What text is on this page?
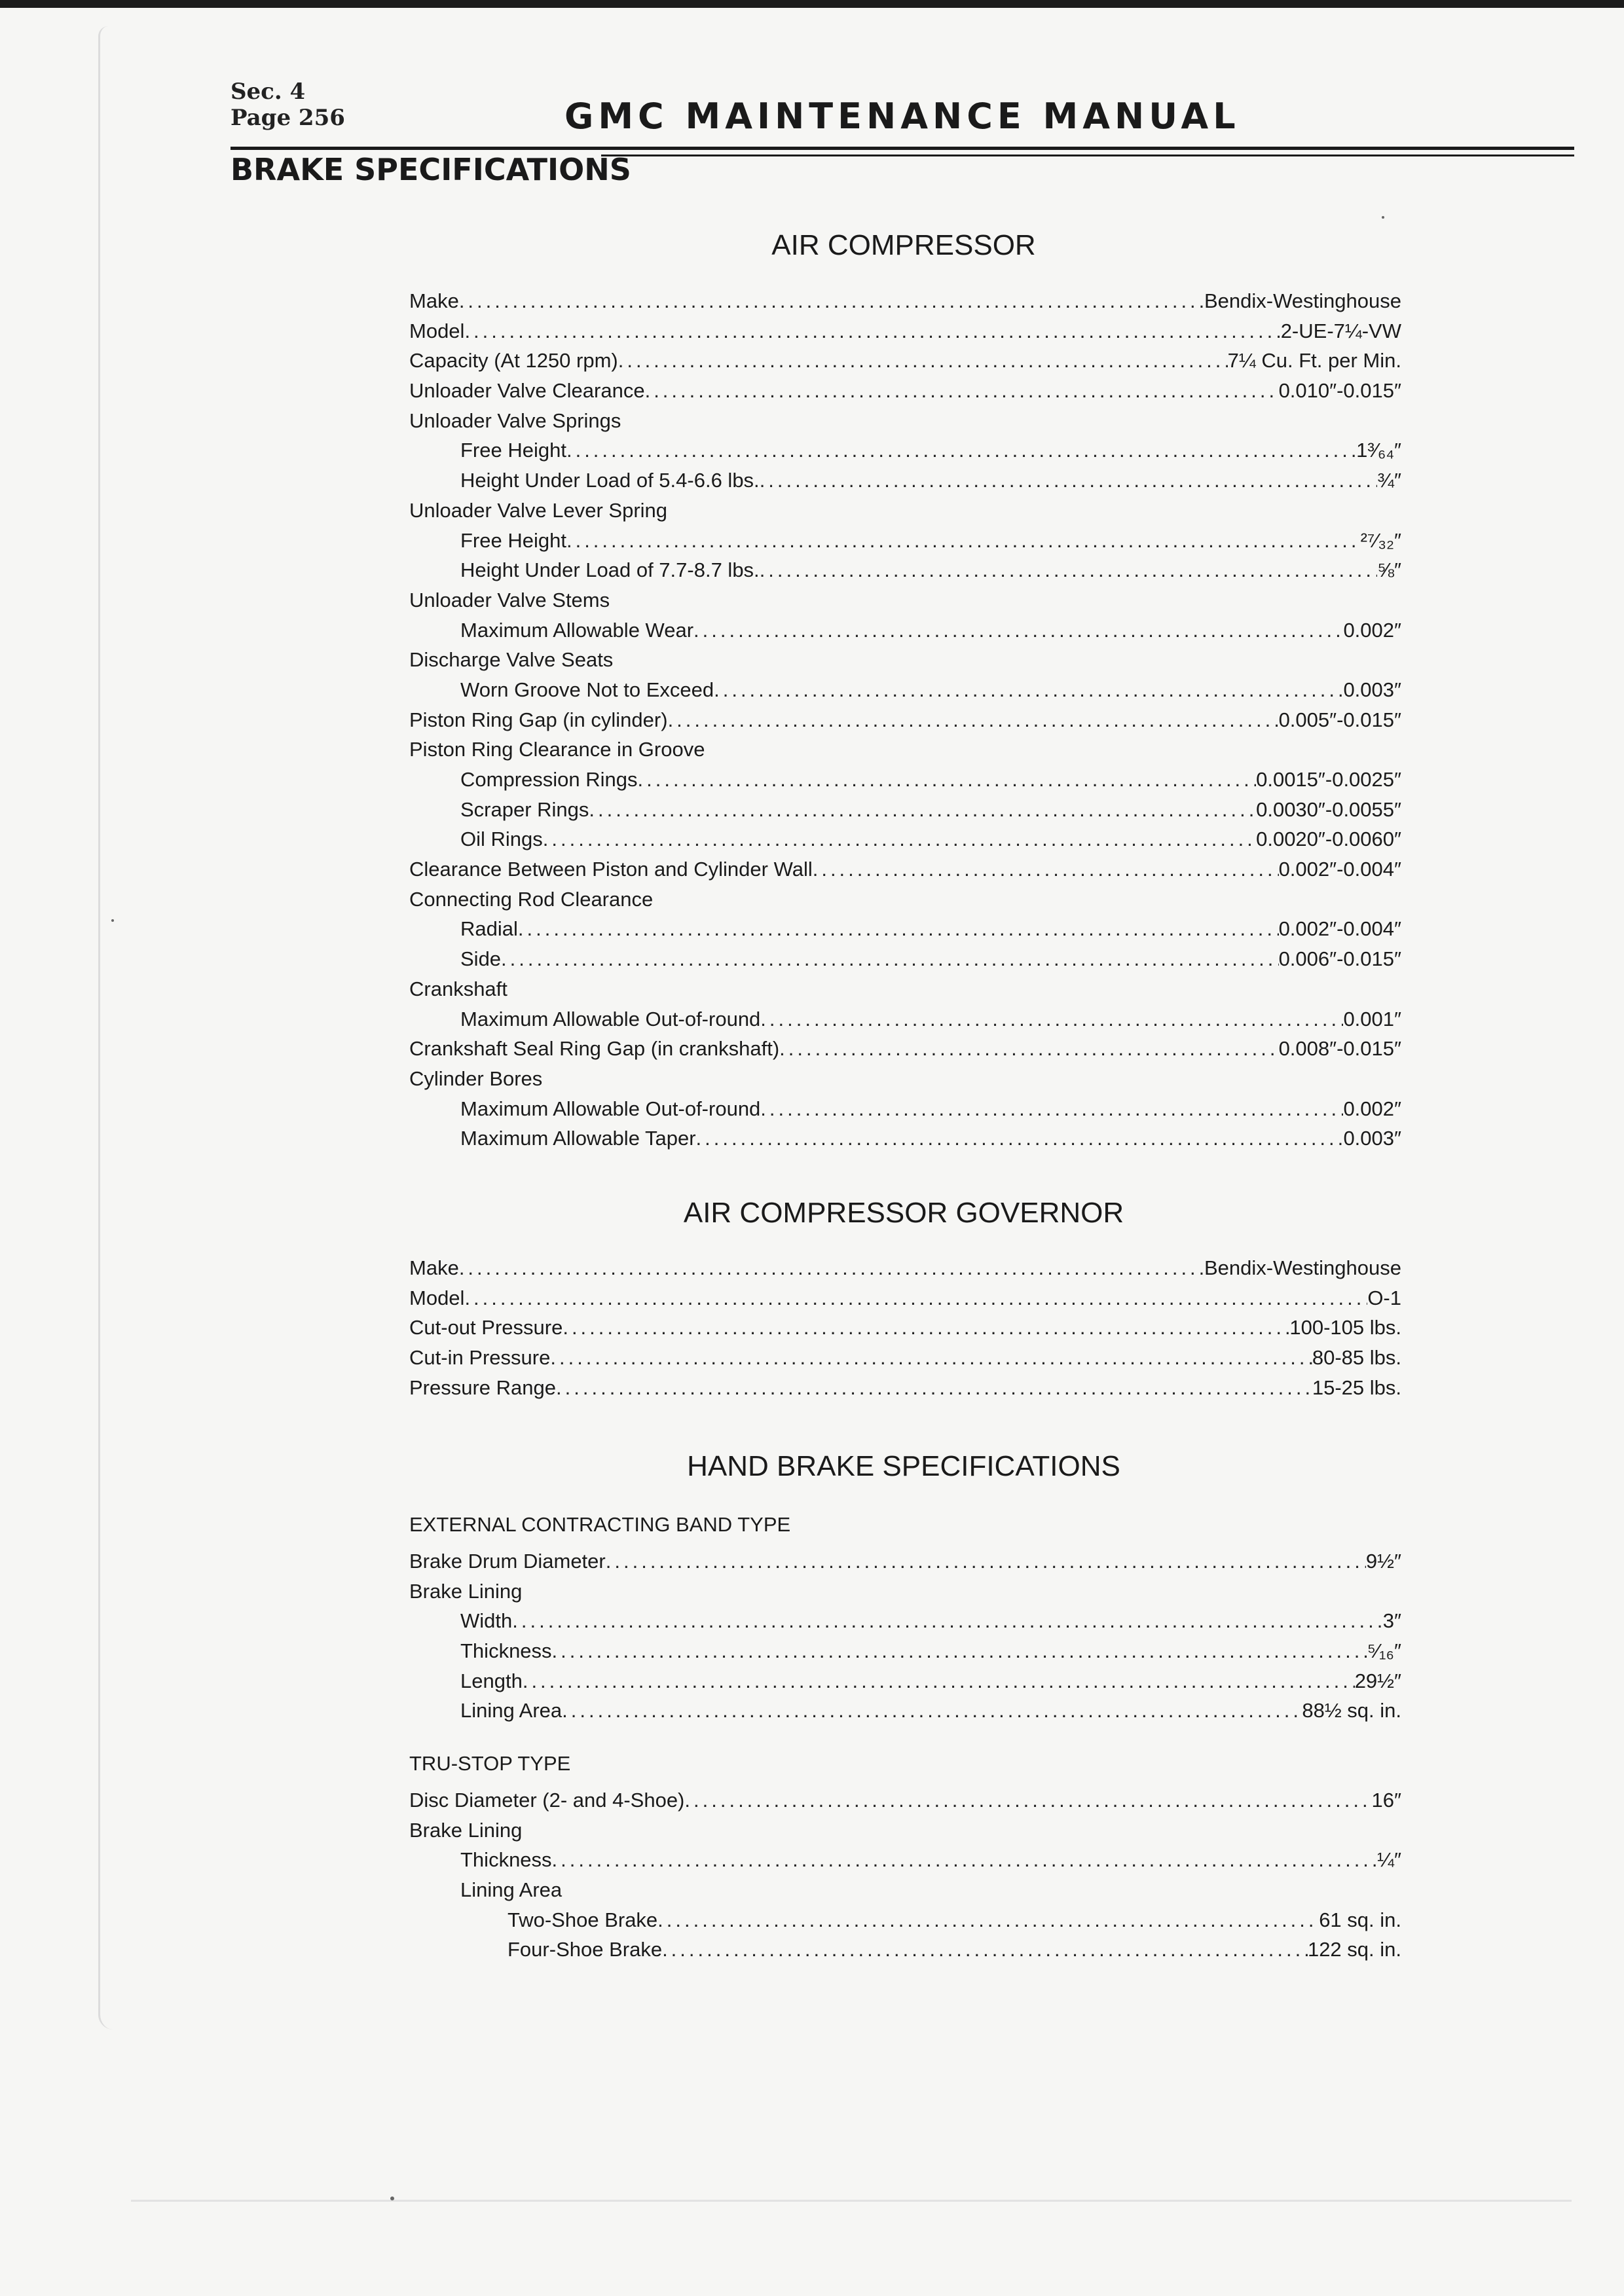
Sec. 4
Page 256	GMC MAINTENANCE MANUAL
BRAKE SPECIFICATIONS
AIR COMPRESSOR
Make .....	Bendix-Westinghouse
Model .....	2-UE-7¼-VW
Capacity (At 1250 rpm) .....	7¼ Cu. Ft. per Min.
Unloader Valve Clearance .....	0.010″-0.015″
Unloader Valve Springs
Free Height .....	1³⁄₆₄″
Height Under Load of 5.4-6.6 lbs. .....	¾″
Unloader Valve Lever Spring
Free Height .....	²⁷⁄₃₂″
Height Under Load of 7.7-8.7 lbs. .....	⅝″
Unloader Valve Stems
Maximum Allowable Wear .....	0.002″
Discharge Valve Seats
Worn Groove Not to Exceed .....	0.003″
Piston Ring Gap (in cylinder) .....	0.005″-0.015″
Piston Ring Clearance in Groove
Compression Rings .....	0.0015″-0.0025″
Scraper Rings .....	0.0030″-0.0055″
Oil Rings .....	0.0020″-0.0060″
Clearance Between Piston and Cylinder Wall .....	0.002″-0.004″
Connecting Rod Clearance
Radial .....	0.002″-0.004″
Side .....	0.006″-0.015″
Crankshaft
Maximum Allowable Out-of-round .....	0.001″
Crankshaft Seal Ring Gap (in crankshaft) .....	0.008″-0.015″
Cylinder Bores
Maximum Allowable Out-of-round .....	0.002″
Maximum Allowable Taper .....	0.003″
AIR COMPRESSOR GOVERNOR
Make .....	Bendix-Westinghouse
Model .....	O-1
Cut-out Pressure .....	100-105 lbs.
Cut-in Pressure .....	80-85 lbs.
Pressure Range .....	15-25 lbs.
HAND BRAKE SPECIFICATIONS
EXTERNAL CONTRACTING BAND TYPE
Brake Drum Diameter .....	9½″
Brake Lining
Width .....	3″
Thickness .....	⁵⁄₁₆″
Length .....	29½″
Lining Area .....	88½ sq. in.
TRU-STOP TYPE
Disc Diameter (2- and 4-Shoe) .....	16″
Brake Lining
Thickness .....	¼″
Lining Area
Two-Shoe Brake .....	61 sq. in.
Four-Shoe Brake .....	122 sq. in.
